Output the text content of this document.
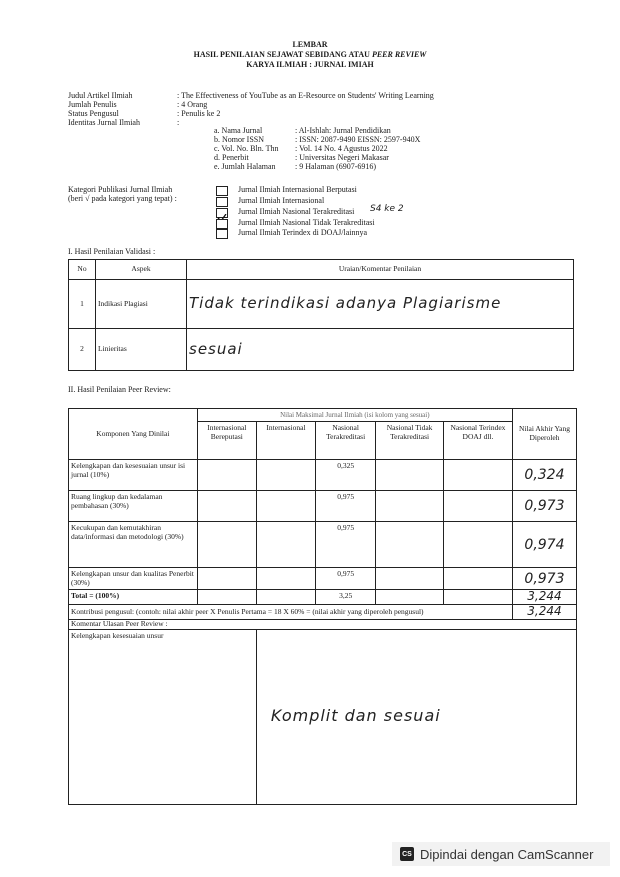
LEMBAR
HASIL PENILAIAN SEJAWAT SEBIDANG ATAU PEER REVIEW
KARYA ILMIAH : JURNAL IMIAH
Judul Artikel Ilmiah	: The Effectiveness of YouTube as an E-Resource on Students' Writing Learning
Jumlah Penulis	: 4 Orang
Status Pengusul	: Penulis ke 2
Identitas Jurnal Ilmiah	:
a. Nama Jurnal	: Al-Ishlah: Jurnal Pendidikan
b. Nomor ISSN	: ISSN: 2087-9490 EISSN: 2597-940X
c. Vol. No. Bln. Thn : Vol. 14 No. 4 Agustus 2022
d. Penerbit	: Universitas Negeri Makasar
e. Jumlah Halaman : 9 Halaman (6907-6916)
Kategori Publikasi Jurnal Ilmiah
(beri √ pada kategori yang tepat) :
Jurnal Ilmiah Internasional Berputasi
Jurnal Ilmiah Internasional
Jurnal Ilmiah Nasional Terakreditasi S4 ke 2
Jurnal Ilmiah Nasional Tidak Terakreditasi
Jurnal Ilmiah Terindex di DOAJ/lainnya
I. Hasil Penilaian Validasi :
No	Aspek	Uraian/Komentar Penilaian
1	Indikasi Plagiasi	Tidak terindikasi adanya Plagiarisme
2	Linieritas	sesuai
II. Hasil Penilaian Peer Review:
Komponen Yang Dinilai	Nilai Maksimal Jurnal Ilmiah (isi kolom yang sesuai)					Nilai Akhir Yang Diperoleh
	Internasional Bereputasi	Internasional	Nasional Terakreditasi	Nasional Tidak Terakreditasi	Nasional Terindex DOAJ dll.	
Kelengkapan dan kesesuaian unsur isi jurnal (10%)			0,325			0,324
Ruang lingkup dan kedalaman pembahasan (30%)			0,975			0,973
Kecukupan dan kemutakhiran data/informasi dan metodologi (30%)			0,975			0,974
Kelengkapan unsur dan kualitas Penerbit (30%)			0,975			0,973
Total = (100%)			3,25			3,244
Kontribusi pengusul: (contoh: nilai akhir peer X Penulis Pertama = 18 X 60% = (nilai akhir yang diperoleh pengusul)						3,244
Komentar Ulasan Peer Review :						
Kelengkapan kesesuaian unsur		Komplit dan sesuai				
CS Dipindai dengan CamScanner
